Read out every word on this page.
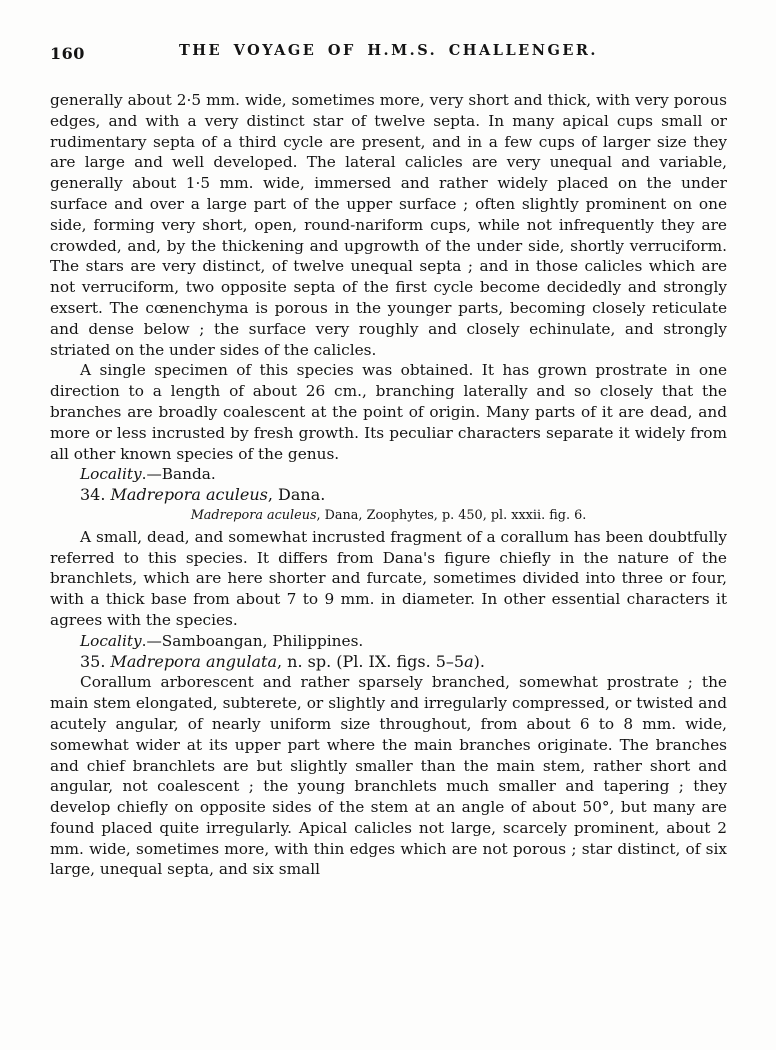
160	THE VOYAGE OF H.M.S. CHALLENGER.

generally about 2·5 mm. wide, sometimes more, very short and thick, with very porous edges, and with a very distinct star of twelve septa. In many apical cups small or rudimentary septa of a third cycle are present, and in a few cups of larger size they are large and well developed. The lateral calicles are very unequal and variable, generally about 1·5 mm. wide, immersed and rather widely placed on the under surface and over a large part of the upper surface ; often slightly prominent on one side, forming very short, open, round-nariform cups, while not infrequently they are crowded, and, by the thickening and upgrowth of the under side, shortly verruciform. The stars are very distinct, of twelve unequal septa ; and in those calicles which are not verruciform, two opposite septa of the first cycle become decidedly and strongly exsert. The cœnenchyma is porous in the younger parts, becoming closely reticulate and dense below ; the surface very roughly and closely echinulate, and strongly striated on the under sides of the calicles.

A single specimen of this species was obtained. It has grown prostrate in one direction to a length of about 26 cm., branching laterally and so closely that the branches are broadly coalescent at the point of origin. Many parts of it are dead, and more or less incrusted by fresh growth. Its peculiar characters separate it widely from all other known species of the genus.

Locality.—Banda.

34. Madrepora aculeus, Dana.

Madrepora aculeus, Dana, Zoophytes, p. 450, pl. xxxii. fig. 6.

A small, dead, and somewhat incrusted fragment of a corallum has been doubtfully referred to this species. It differs from Dana's figure chiefly in the nature of the branchlets, which are here shorter and furcate, sometimes divided into three or four, with a thick base from about 7 to 9 mm. in diameter. In other essential characters it agrees with the species.

Locality.—Samboangan, Philippines.

35. Madrepora angulata, n. sp. (Pl. IX. figs. 5–5a).

Corallum arborescent and rather sparsely branched, somewhat prostrate ; the main stem elongated, subterete, or slightly and irregularly compressed, or twisted and acutely angular, of nearly uniform size throughout, from about 6 to 8 mm. wide, somewhat wider at its upper part where the main branches originate. The branches and chief branchlets are but slightly smaller than the main stem, rather short and angular, not coalescent ; the young branchlets much smaller and tapering ; they develop chiefly on opposite sides of the stem at an angle of about 50°, but many are found placed quite irregularly. Apical calicles not large, scarcely prominent, about 2 mm. wide, sometimes more, with thin edges which are not porous ; star distinct, of six large, unequal septa, and six small
